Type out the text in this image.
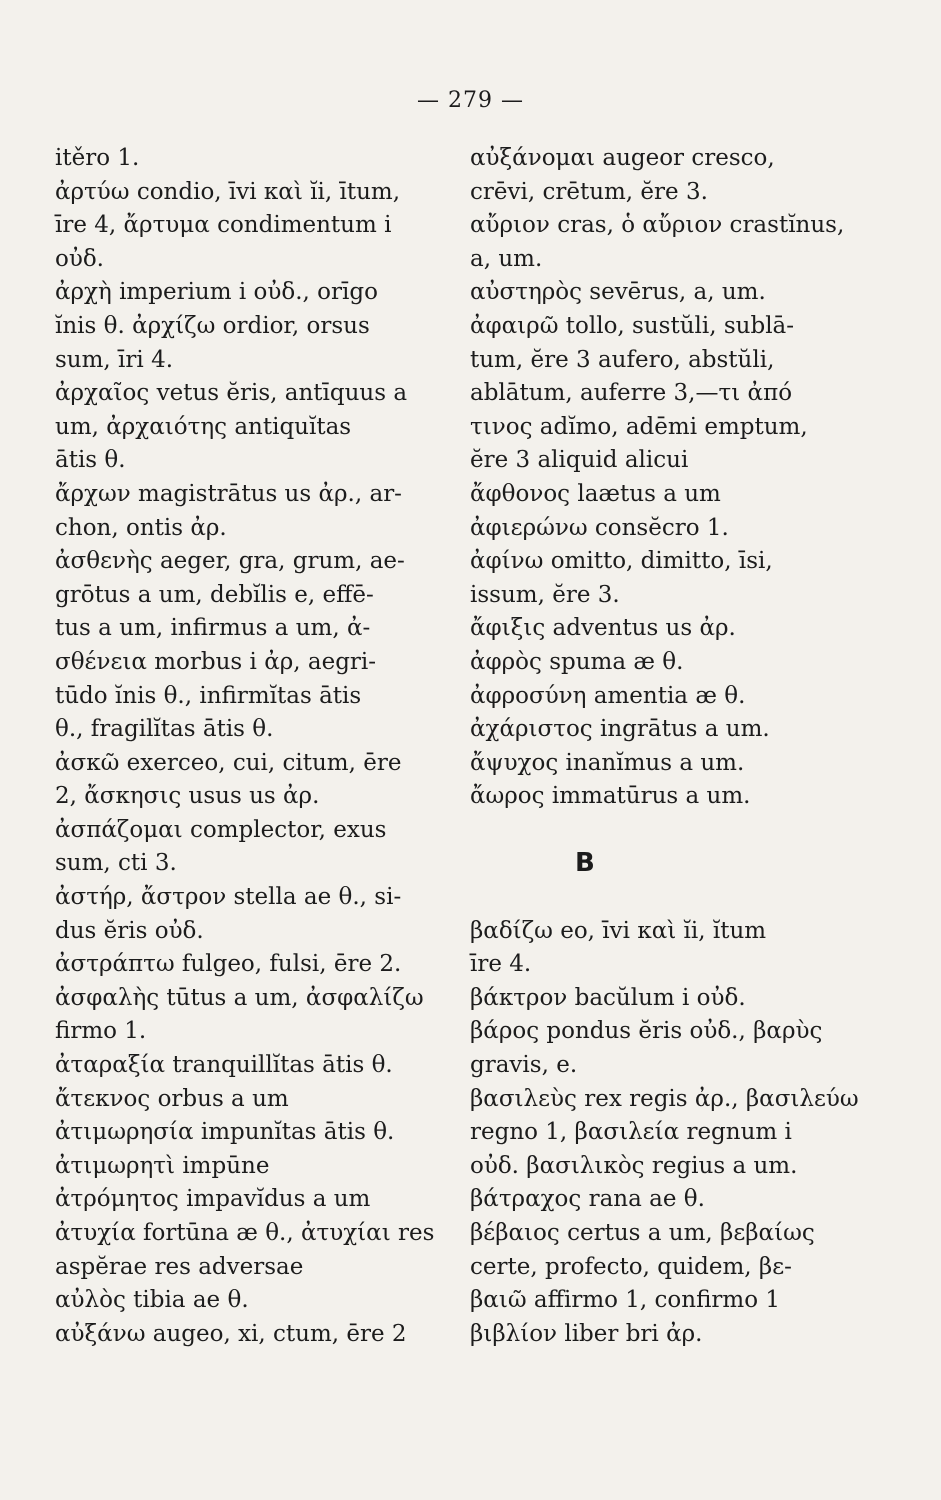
— 279 —
itěro 1.
ἀρτύω condio, īvi καὶ ĭi, ītum,
īre 4, ἄρτυμα condimentum i
οὐδ.
ἀρχὴ imperium i οὐδ., orīgo
ĭnis θ. ἀρχίζω ordior, orsus
sum, īri 4.
ἀρχαῖος vetus ĕris, antīquus a
um, ἀρχαιότης antiquĭtas
ātis θ.
ἄρχων magistrātus us ἀρ., ar-
chon, ontis ἀρ.
ἀσθενὴς aeger, gra, grum, ae-
grōtus a um, debĭlis e, effē-
tus a um, infirmus a um, ἀ-
σθένεια morbus i ἀρ, aegri-
tūdo ĭnis θ., infirmĭtas ātis
θ., fragilĭtas ātis θ.
ἀσκῶ exerceo, cui, citum, ēre
2, ἄσκησις usus us ἀρ.
ἀσπάζομαι complector, exus
sum, cti 3.
ἀστήρ, ἄστρον stella ae θ., si-
dus ĕris οὐδ.
ἀστράπτω fulgeo, fulsi, ēre 2.
ἀσφαλὴς tūtus a um, ἀσφαλίζω
firmo 1.
ἀταραξία tranquillĭtas ātis θ.
ἄτεκνος orbus a um
ἀτιμωρησία impunĭtas ātis θ.
ἀτιμωρητὶ impūne
ἀτρόμητος impavĭdus a um
ἀτυχία fortūna æ θ., ἀτυχίαι res
aspĕrae res adversae
αὐλὸς tibia ae θ.
αὐξάνω augeo, xi, ctum, ēre 2
αὐξάνομαι augeor cresco,
crēvi, crētum, ĕre 3.
αὔριον cras, ὁ αὔριον crastĭnus,
a, um.
αὐστηρὸς sevērus, a, um.
ἀφαιρῶ tollo, sustŭli, sublā-
tum, ĕre 3 aufero, abstŭli,
ablātum, auferre 3,—τι ἀπό
τινος adĭmo, adēmi emptum,
ĕre 3 aliquid alicui
ἄφθονος laætus a um
ἀφιερώνω consĕcro 1.
ἀφίνω omitto, dimitto, īsi,
issum, ĕre 3.
ἄφιξις adventus us ἀρ.
ἀφρὸς spuma æ θ.
ἀφροσύνη amentia æ θ.
ἀχάριστος ingrātus a um.
ἄψυχος inanĭmus a um.
ἄωρος immatūrus a um.
B
βαδίζω eo, īvi καὶ ĭi, ĭtum
īre 4.
βάκτρον bacŭlum i οὐδ.
βάρος pondus ĕris οὐδ., βαρὺς
gravis, e.
βασιλεὺς rex regis ἀρ., βασιλεύω
regno 1, βασιλεία regnum i
οὐδ. βασιλικὸς regius a um.
βάτραχος rana ae θ.
βέβαιος certus a um, βεβαίως
certe, profecto, quidem, βε-
βαιῶ affirmo 1, confirmo 1
βιβλίον liber bri ἀρ.
